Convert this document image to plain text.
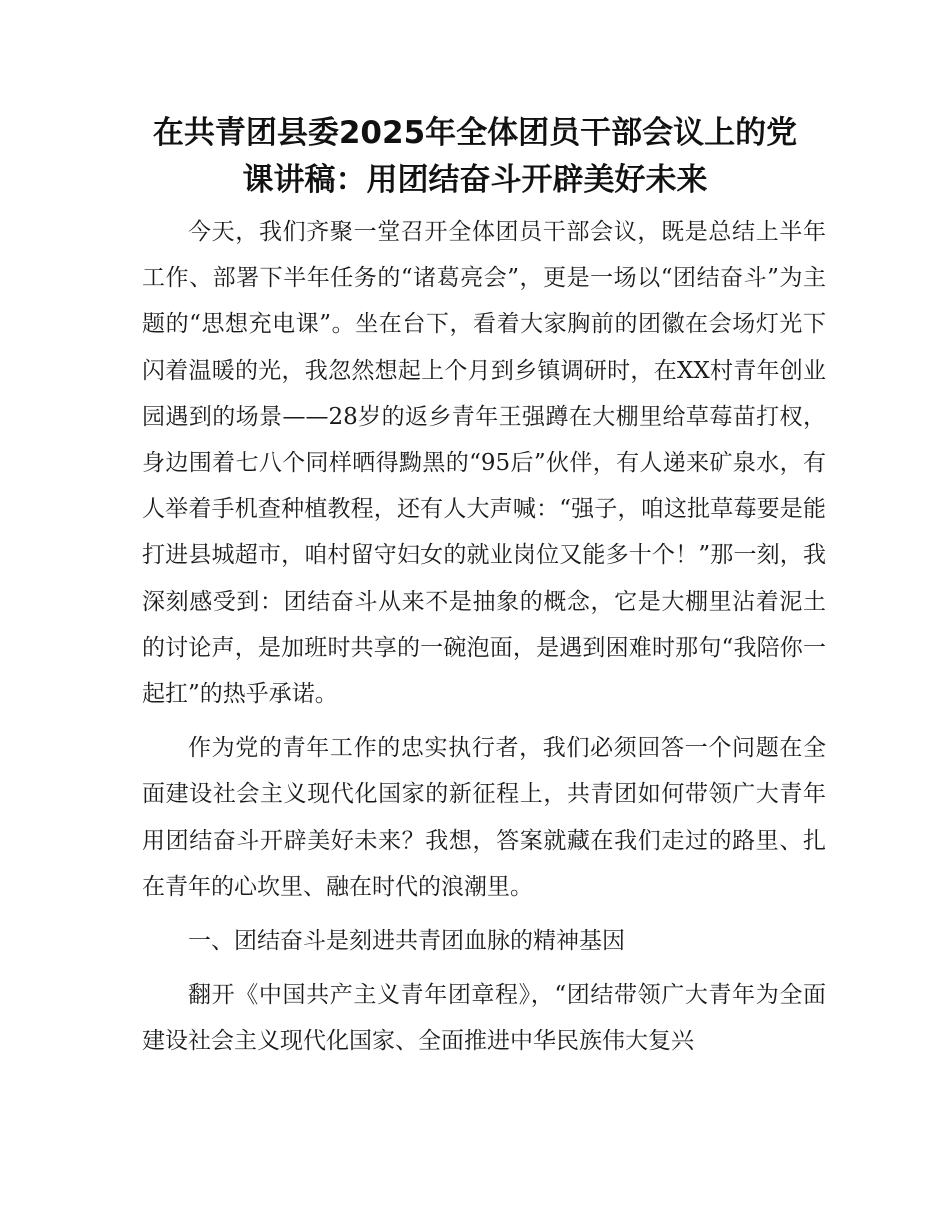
在共青团县委2025年全体团员干部会议上的党
课讲稿：用团结奋斗开辟美好未来

今天，我们齐聚一堂召开全体团员干部会议，既是总结上半年工作、部署下半年任务的“诸葛亮会”，更是一场以“团结奋斗”为主题的“思想充电课”。坐在台下，看着大家胸前的团徽在会场灯光下闪着温暖的光，我忽然想起上个月到乡镇调研时，在XX村青年创业园遇到的场景——28岁的返乡青年王强蹲在大棚里给草莓苗打杈，身边围着七八个同样晒得黝黑的“95后”伙伴，有人递来矿泉水，有人举着手机查种植教程，还有人大声喊：“强子，咱这批草莓要是能打进县城超市，咱村留守妇女的就业岗位又能多十个！”那一刻，我深刻感受到：团结奋斗从来不是抽象的概念，它是大棚里沾着泥土的讨论声，是加班时共享的一碗泡面，是遇到困难时那句“我陪你一起扛”的热乎承诺。

作为党的青年工作的忠实执行者，我们必须回答一个问题在全面建设社会主义现代化国家的新征程上，共青团如何带领广大青年用团结奋斗开辟美好未来？我想，答案就藏在我们走过的路里、扎在青年的心坎里、融在时代的浪潮里。

一、团结奋斗是刻进共青团血脉的精神基因

翻开《中国共产主义青年团章程》，“团结带领广大青年为全面建设社会主义现代化国家、全面推进中华民族伟大复兴
